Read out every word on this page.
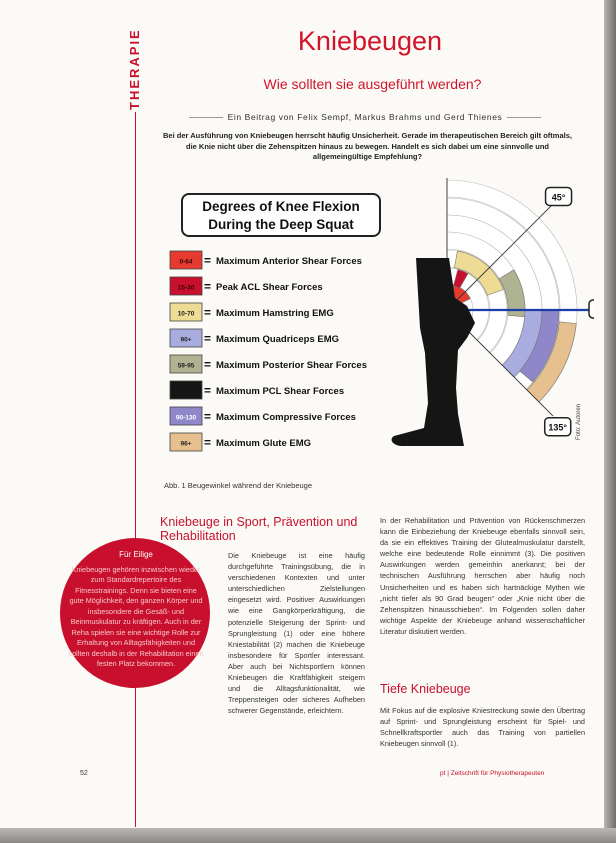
THERAPIE	Kniebeugen
Wie sollten sie ausgeführt werden?
Ein Beitrag von Felix Sempf, Markus Brahms und Gerd Thienes
Bei der Ausführung von Kniebeugen herrscht häufig Unsicherheit. Gerade im therapeutischen Bereich gilt oftmals, die Knie nicht über die Zehenspitzen hinaus zu bewegen. Handelt es sich dabei um eine sinnvolle und allgemeingültige Empfehlung?
Degrees of Knee Flexion
During the Deep Squat
0-64 = Maximum Anterior Shear Forces
15-30 = Peak ACL Shear Forces
10-70 = Maximum Hamstring EMG
90+ = Maximum Quadriceps EMG
59-95 = Maximum Posterior Shear Forces
= Maximum PCL Shear Forces
90-130 = Maximum Compressive Forces
96+ = Maximum Glute EMG
45°
135°
Abb. 1 Beugewinkel während der Kniebeuge
Foto: Autoren
Kniebeuge in Sport, Prävention und Rehabilitation
Die Kniebeuge ist eine häufig durchgeführte Trainingsübung, die in verschiedenen Kontexten und unter unterschiedlichen Zielstellungen eingesetzt wird. Positiver Auswirkungen wie eine Gangkörperkräftigung, die potenzielle Steigerung der Sprint- und Sprungleistung (1) oder eine höhere Kniestabilität (2) machen die Kniebeuge insbesondere für Sportler interessant. Aber auch bei Nichtsportlern können Kniebeugen die Kraftfähigkeit steigern und die Alltagsfunktionalität, wie Treppensteigen oder sicheres Aufheben schwerer Gegenstände, erleichtern.
Für Eilige
Kniebeugen gehören inzwischen wieder zum Standardrepertoire des Fitnesstrainings. Denn sie bieten eine gute Möglichkeit, den ganzen Körper und insbesondere die Gesäß- und Beinmuskulatur zu kräftigen. Auch in der Reha spielen sie eine wichtige Rolle zur Erhaltung von Alltagsfähigkeiten und sollten deshalb in der Rehabilitation einen festen Platz bekommen.
In der Rehabilitation und Prävention von Rückenschmerzen kann die Einbeziehung der Kniebeuge ebenfalls sinnvoll sein, da sie ein effektives Training der Glutealmuskulatur darstellt, welche eine bedeutende Rolle einnimmt (3). Die positiven Auswirkungen werden gemeinhin anerkannt; bei der technischen Ausführung herrschen aber häufig noch Unsicherheiten und es haben sich hartnäckige Mythen wie „nicht tiefer als 90 Grad beugen“ oder „Knie nicht über die Zehenspitzen hinausschieben“. Im Folgenden sollen daher wichtige Aspekte der Kniebeuge anhand wissenschaftlicher Literatur diskutiert werden.
Tiefe Kniebeuge
Mit Fokus auf die explosive Kniestreckung sowie den Übertrag auf Sprint- und Sprungleistung erscheint für Spiel- und Schnellkraftsportler auch das Training von partiellen Kniebeugen sinnvoll (1).
52	pt | Zeitschrift für Physiotherapeuten
